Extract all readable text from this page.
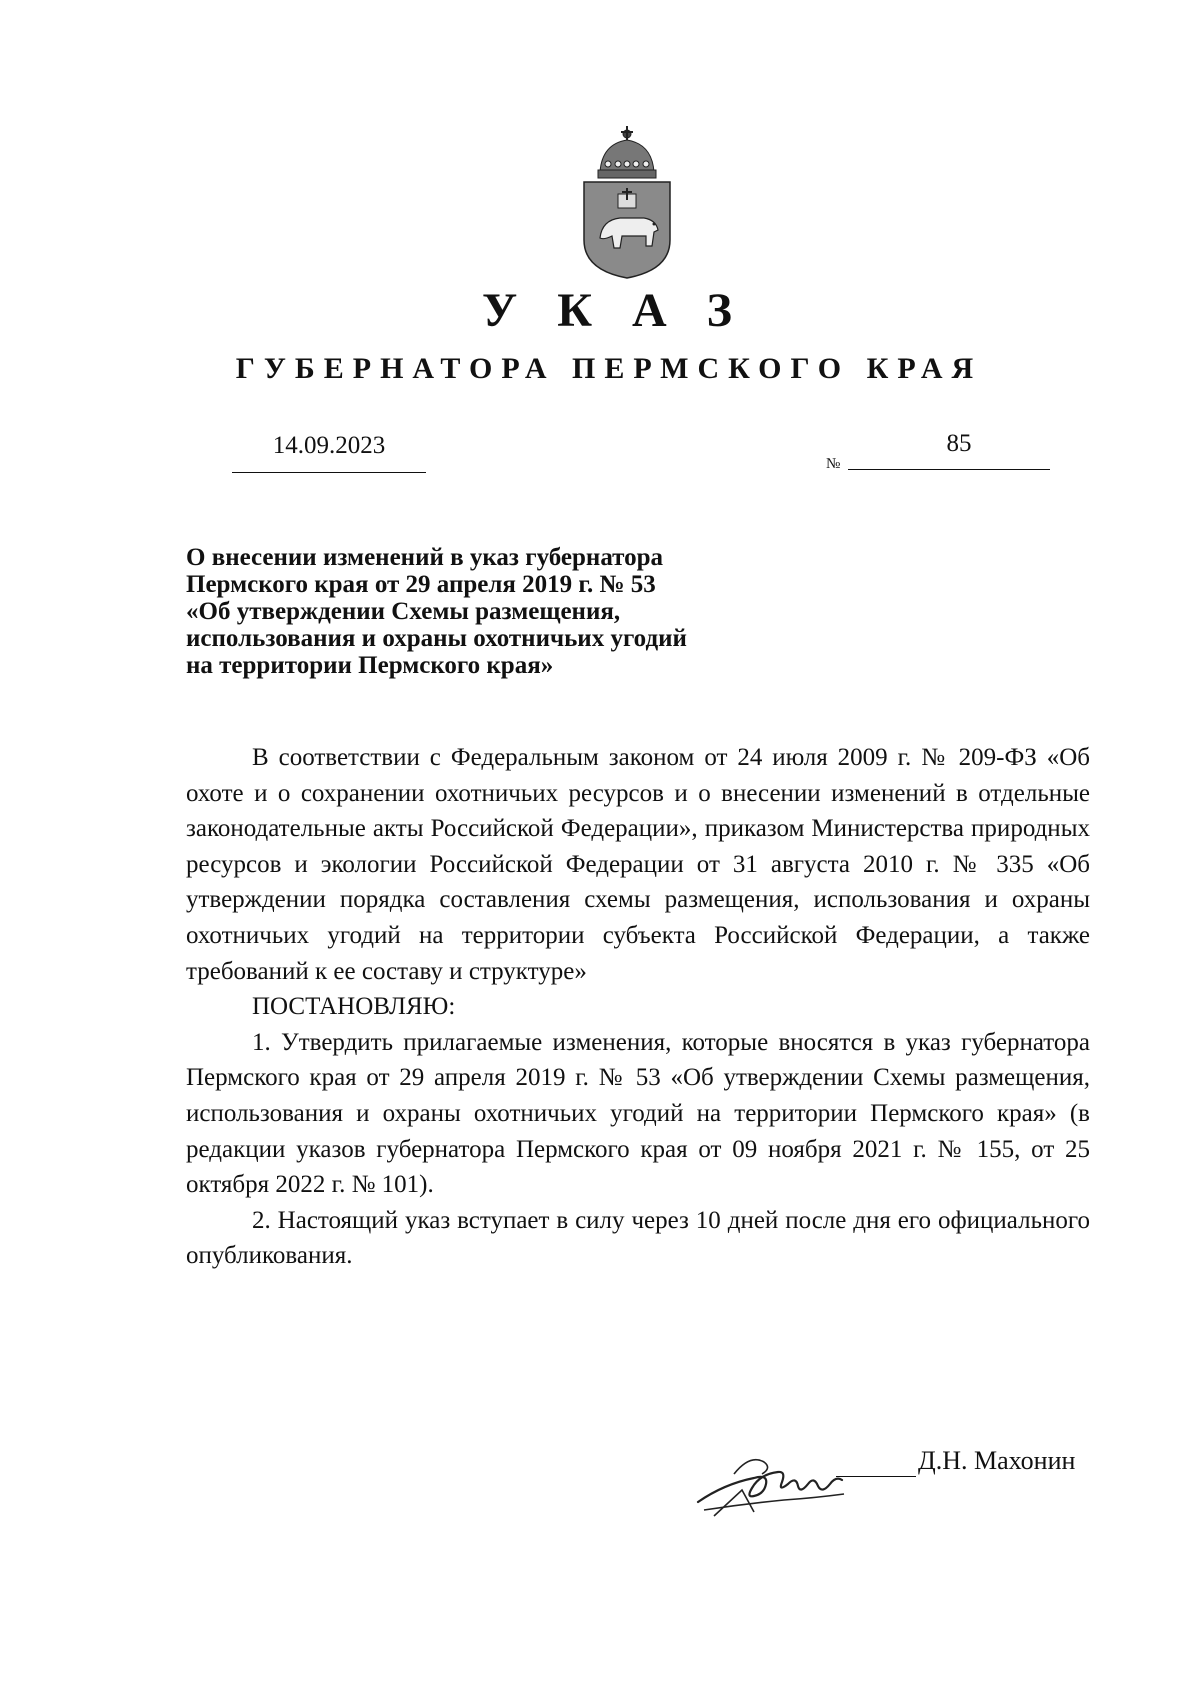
У К А З
ГУБЕРНАТОРА ПЕРМСКОГО КРАЯ
14.09.2023
№
85
О внесении изменений в указ губернатора
Пермского края от 29 апреля 2019 г. № 53
«Об утверждении Схемы размещения,
использования и охраны охотничьих угодий
на территории Пермского края»

В соответствии с Федеральным законом от 24 июля 2009 г. № 209-ФЗ «Об охоте и о сохранении охотничьих ресурсов и о внесении изменений в отдельные законодательные акты Российской Федерации», приказом Министерства природных ресурсов и экологии Российской Федерации от 31 августа 2010 г. № 335 «Об утверждении порядка составления схемы размещения, использования и охраны охотничьих угодий на территории субъекта Российской Федерации, а также требований к ее составу и структуре»

ПОСТАНОВЛЯЮ:

1. Утвердить прилагаемые изменения, которые вносятся в указ губернатора Пермского края от 29 апреля 2019 г. № 53 «Об утверждении Схемы размещения, использования и охраны охотничьих угодий на территории Пермского края» (в редакции указов губернатора Пермского края от 09 ноября 2021 г. № 155, от 25 октября 2022 г. № 101).

2. Настоящий указ вступает в силу через 10 дней после дня его официального опубликования.

Д.Н. Махонин
